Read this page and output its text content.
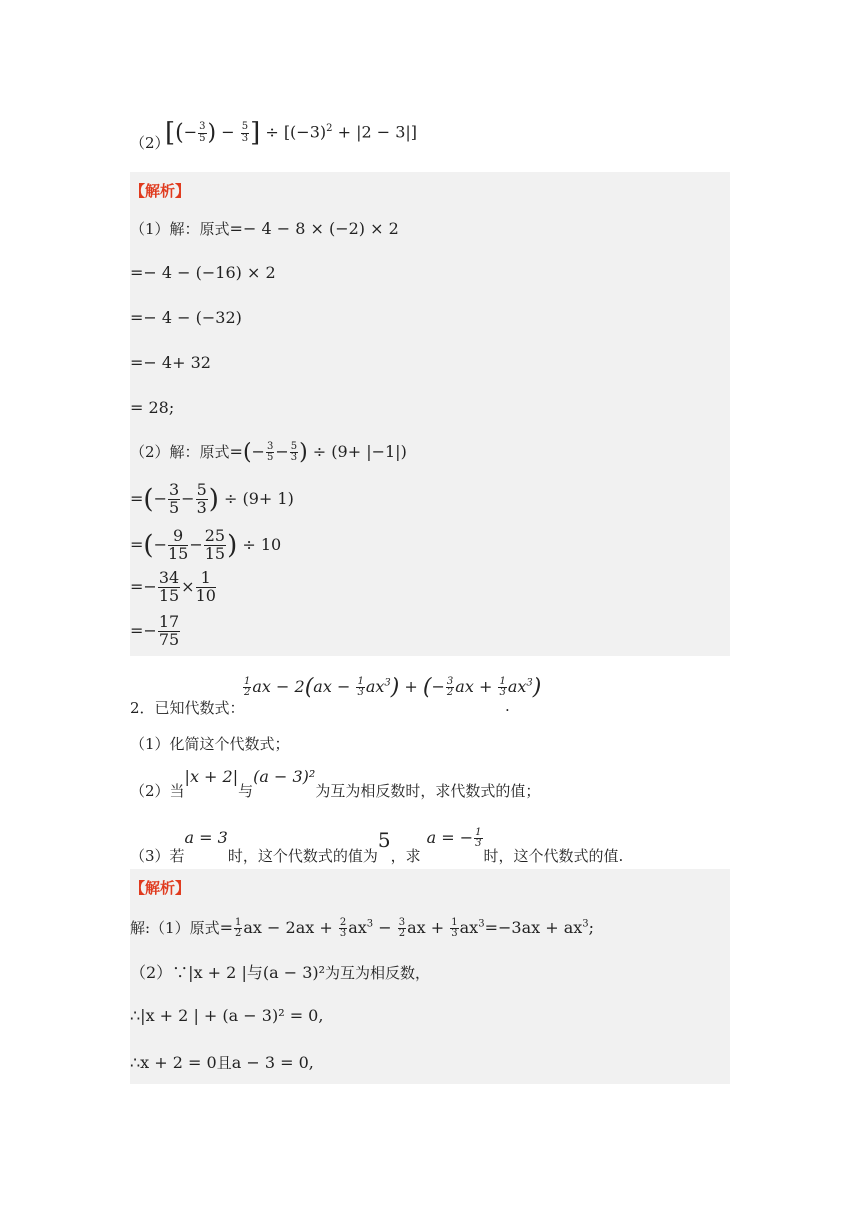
（2）
[(− $\frac{3}{5}$ ) − $\frac{5}{3}$ ] ÷ $[(-3)^2 + |2 - 3|]$
【解析】
（1）解：原式=− 4 − 8 × (−2) × 2
=− 4 − (−16) × 2
=− 4 − (−32)
=− 4+ 32
= 28;
（2）解：原式=(− $\frac{3}{5} - \frac{5}{3}$ ) ÷ (9+ |−1|)
=(− $\frac{3}{5} - \frac{5}{3}$ ) ÷ (9+ 1)
=(− $\frac{9}{15} - \frac{25}{15}$ ) ÷ 10
=− $\frac{34}{15} \times \frac{1}{10}$
=− $\frac{17}{75}$
2．已知代数式：
$\frac{1}{2}$ ax − $2(ax - \frac{1}{3} ax^3)$ + (− $\frac{3}{2}$ ax + $\frac{1}{3} ax^3$)
.
（1）化简这个代数式；
（2）当|x + 2|与(a − 3)²为互为相反数时，求代数式的值；
（3）若a = 3时，这个代数式的值为5，求a = − $\frac{1}{3}$
时，这个代数式的值.
【解析】
解:（1）原式= $\frac{1}{2}$ ax − $2ax + \frac{2}{3} ax^3 - \frac{3}{2}$ ax + $\frac{1}{3} ax^3=-3ax + ax^3$;
（2）∵|x + 2 |与(a − 3)²为互为相反数，
∴|x + 2 | + (a − 3)² = 0,
∴x + 2 = 0且a − 3 = 0,
